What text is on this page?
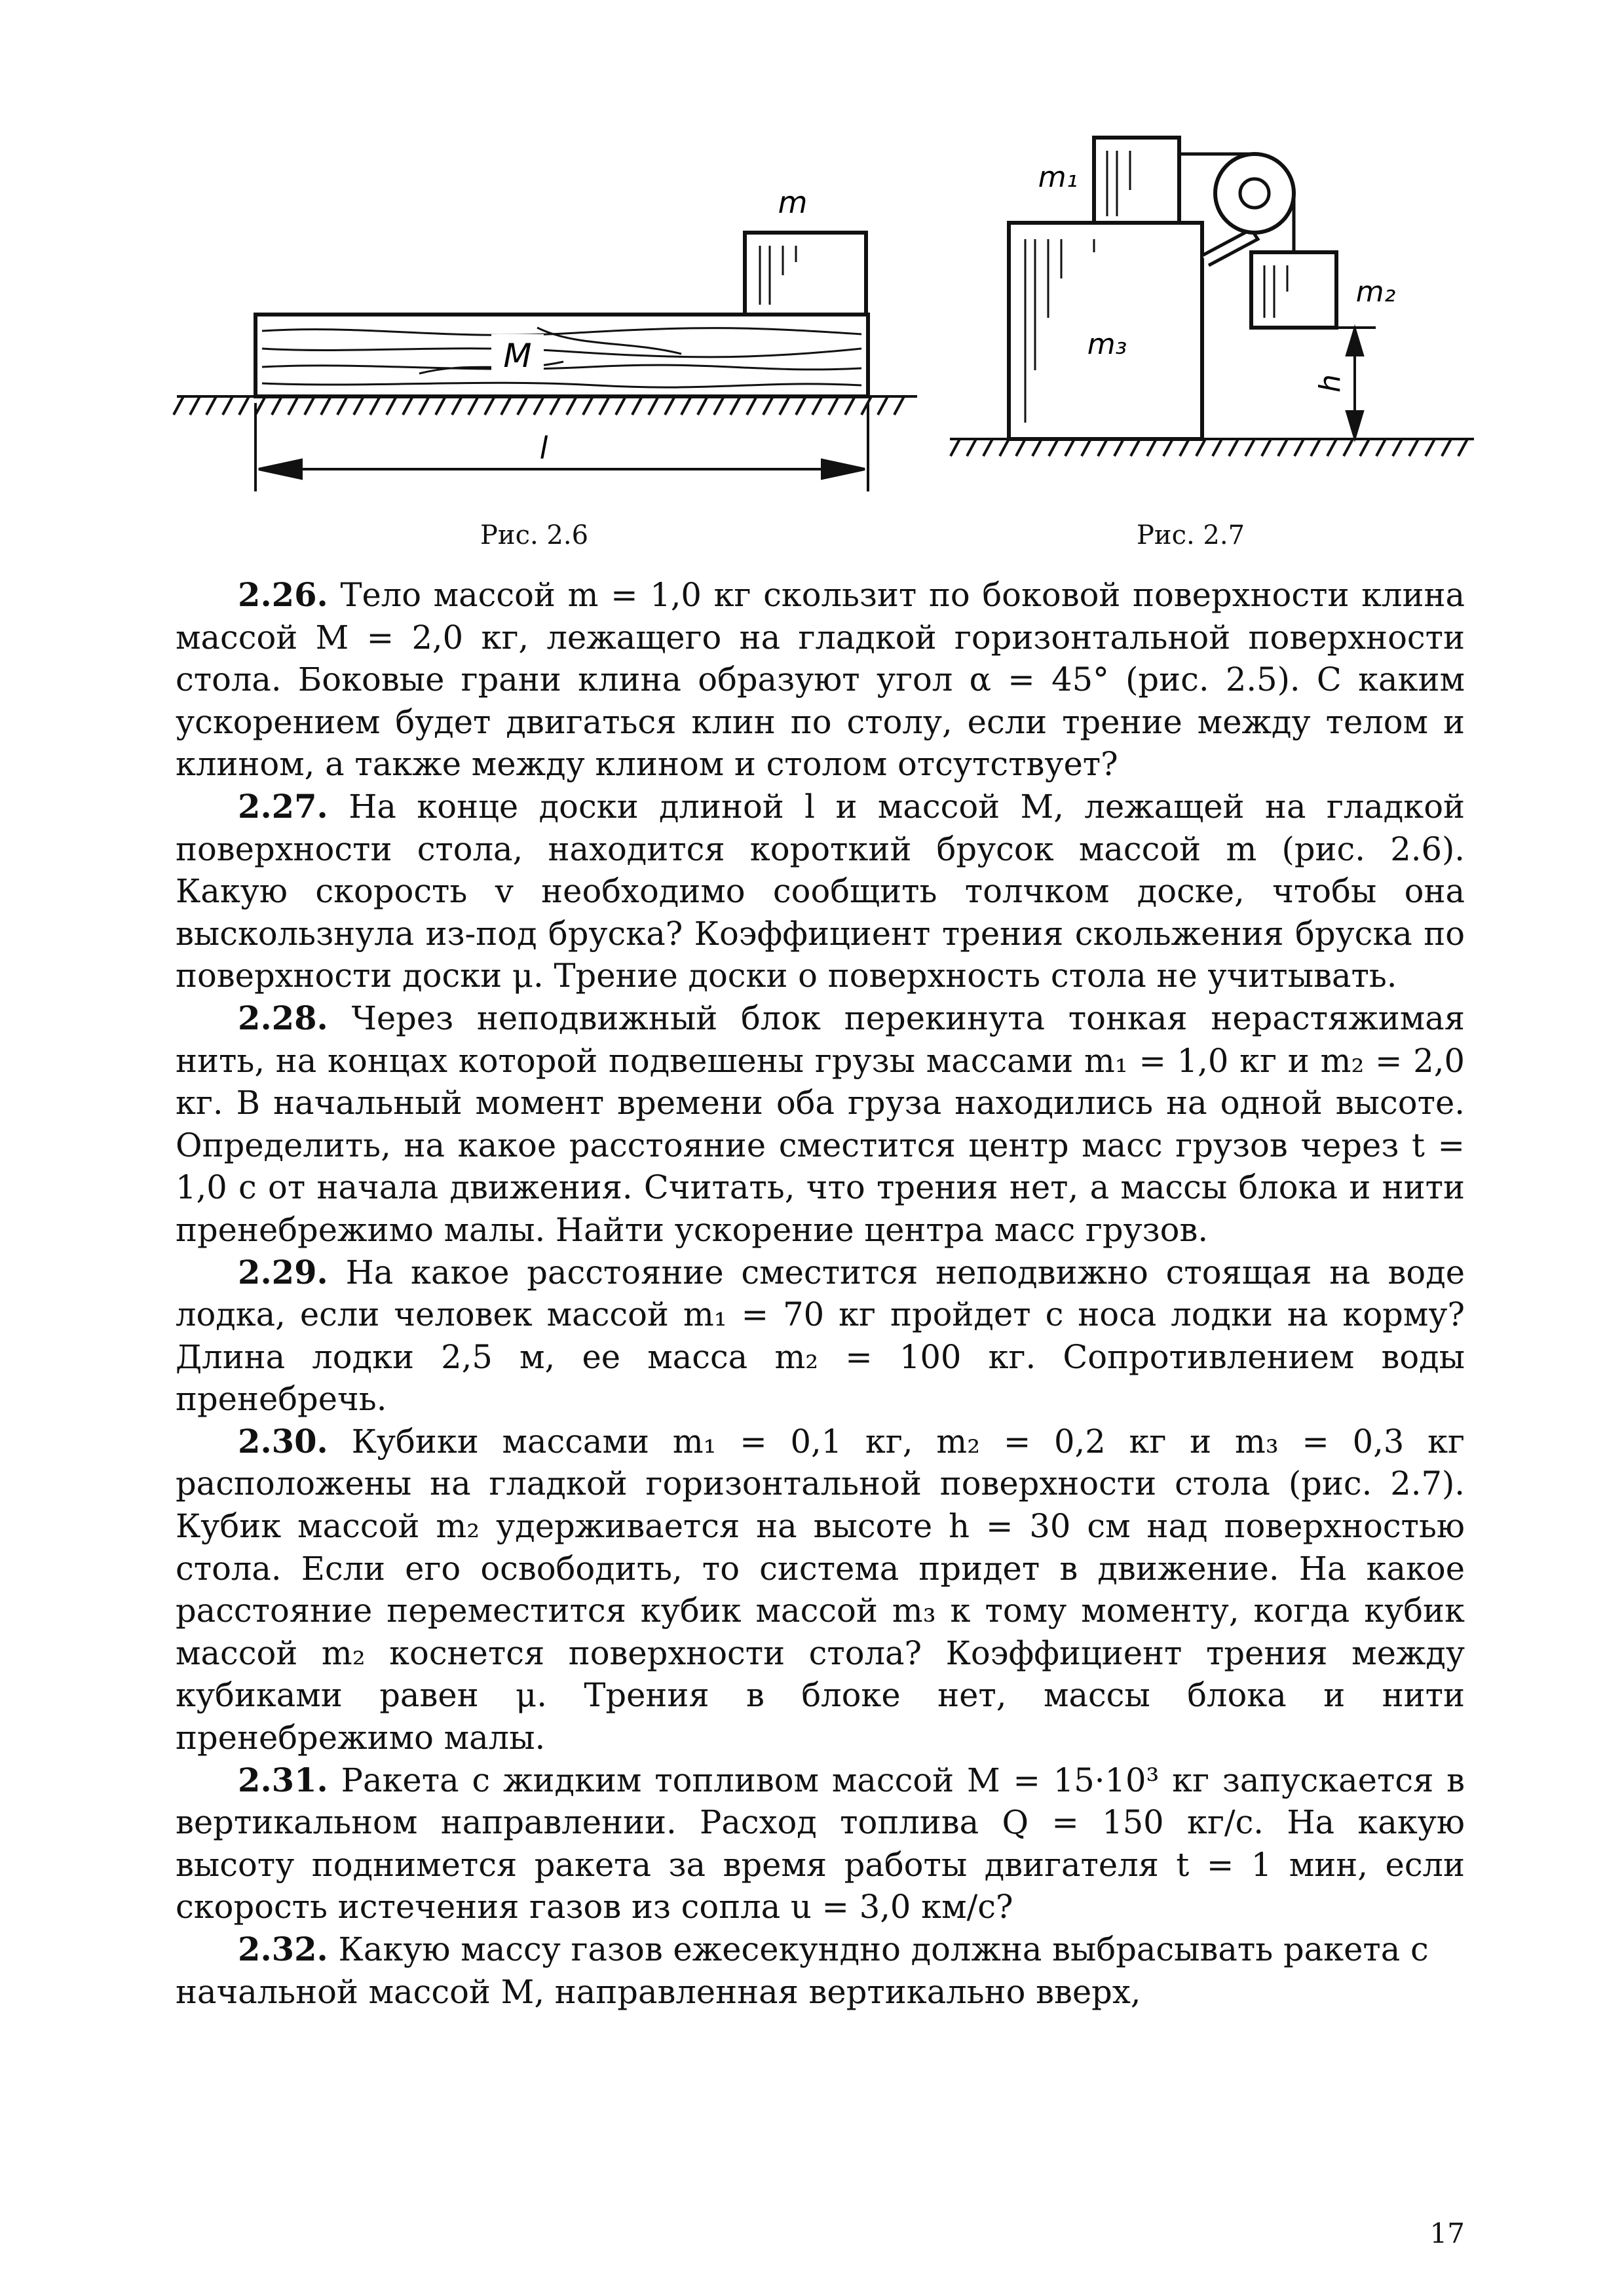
M
m
l
Рис. 2.6
m₃
m₁
m₂
h
Рис. 2.7

2.26. Тело массой m = 1,0 кг скользит по боковой поверхности клина массой M = 2,0 кг, лежащего на гладкой горизонтальной поверхности стола. Боковые грани клина образуют угол α = 45° (рис. 2.5). С каким ускорением будет двигаться клин по столу, если трение между телом и клином, а также между клином и столом отсутствует?

2.27. На конце доски длиной l и массой M, лежащей на гладкой поверхности стола, находится короткий брусок массой m (рис. 2.6). Какую скорость v необходимо сообщить толчком доске, чтобы она выскользнула из-под бруска? Коэффициент трения скольжения бруска по поверхности доски μ. Трение доски о поверхность стола не учитывать.

2.28. Через неподвижный блок перекинута тонкая нерастяжимая нить, на концах которой подвешены грузы массами m₁ = 1,0 кг и m₂ = 2,0 кг. В начальный момент времени оба груза находились на одной высоте. Определить, на какое расстояние сместится центр масс грузов через t = 1,0 с от начала движения. Считать, что трения нет, а массы блока и нити пренебрежимо малы. Найти ускорение центра масс грузов.

2.29. На какое расстояние сместится неподвижно стоящая на воде лодка, если человек массой m₁ = 70 кг пройдет с носа лодки на корму? Длина лодки 2,5 м, ее масса m₂ = 100 кг. Сопротивлением воды пренебречь.

2.30. Кубики массами m₁ = 0,1 кг, m₂ = 0,2 кг и m₃ = 0,3 кг расположены на гладкой горизонтальной поверхности стола (рис. 2.7). Кубик массой m₂ удерживается на высоте h = 30 см над поверхностью стола. Если его освободить, то система придет в движение. На какое расстояние переместится кубик массой m₃ к тому моменту, когда кубик массой m₂ коснется поверхности стола? Коэффициент трения между кубиками равен μ. Трения в блоке нет, массы блока и нити пренебрежимо малы.

2.31. Ракета с жидким топливом массой M = 15·10³ кг запускается в вертикальном направлении. Расход топлива Q = 150 кг/с. На какую высоту поднимется ракета за время работы двигателя t = 1 мин, если скорость истечения газов из сопла u = 3,0 км/с?

2.32. Какую массу газов ежесекундно должна выбрасывать ракета с начальной массой M, направленная вертикально вверх,

17
